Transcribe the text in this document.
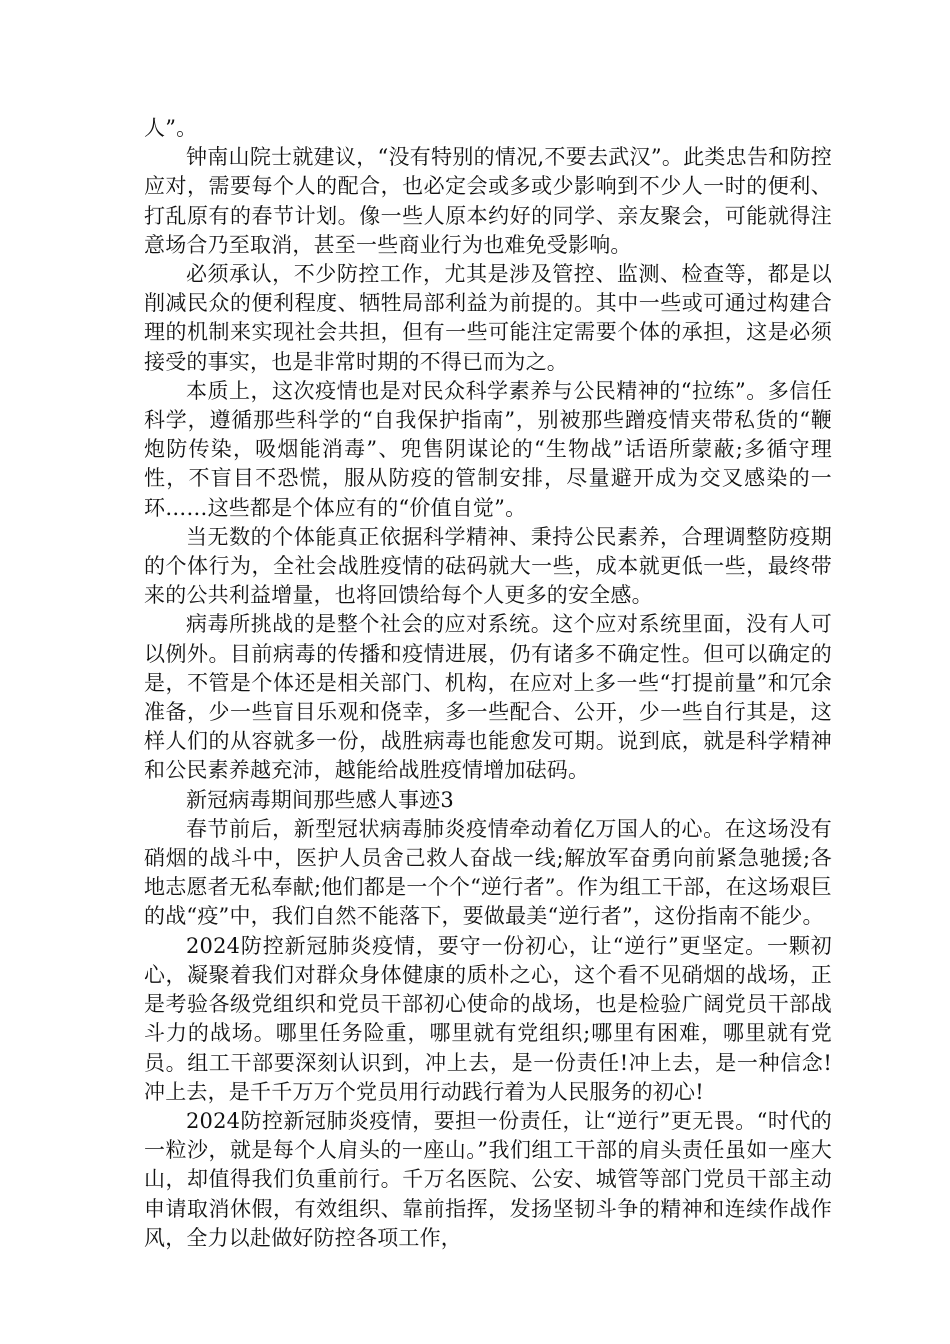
人”。

钟南山院士就建议，“没有特别的情况,不要去武汉”。此类忠告和防控应对，需要每个人的配合，也必定会或多或少影响到不少人一时的便利、打乱原有的春节计划。像一些人原本约好的同学、亲友聚会，可能就得注意场合乃至取消，甚至一些商业行为也难免受影响。

必须承认，不少防控工作，尤其是涉及管控、监测、检查等，都是以削减民众的便利程度、牺牲局部利益为前提的。其中一些或可通过构建合理的机制来实现社会共担，但有一些可能注定需要个体的承担，这是必须接受的事实，也是非常时期的不得已而为之。

本质上，这次疫情也是对民众科学素养与公民精神的“拉练”。多信任科学，遵循那些科学的“自我保护指南”，别被那些蹭疫情夹带私货的“鞭炮防传染，吸烟能消毒”、兜售阴谋论的“生物战”话语所蒙蔽;多循守理性，不盲目不恐慌，服从防疫的管制安排，尽量避开成为交叉感染的一环……这些都是个体应有的“价值自觉”。

当无数的个体能真正依据科学精神、秉持公民素养，合理调整防疫期的个体行为，全社会战胜疫情的砝码就大一些，成本就更低一些，最终带来的公共利益增量，也将回馈给每个人更多的安全感。

病毒所挑战的是整个社会的应对系统。这个应对系统里面，没有人可以例外。目前病毒的传播和疫情进展，仍有诸多不确定性。但可以确定的是，不管是个体还是相关部门、机构，在应对上多一些“打提前量”和冗余准备，少一些盲目乐观和侥幸，多一些配合、公开，少一些自行其是，这样人们的从容就多一份，战胜病毒也能愈发可期。说到底，就是科学精神和公民素养越充沛，越能给战胜疫情增加砝码。

新冠病毒期间那些感人事迹3

春节前后，新型冠状病毒肺炎疫情牵动着亿万国人的心。在这场没有硝烟的战斗中，医护人员舍己救人奋战一线;解放军奋勇向前紧急驰援;各地志愿者无私奉献;他们都是一个个“逆行者”。作为组工干部，在这场艰巨的战“疫”中，我们自然不能落下，要做最美“逆行者”，这份指南不能少。

2024防控新冠肺炎疫情，要守一份初心，让“逆行”更坚定。一颗初心，凝聚着我们对群众身体健康的质朴之心，这个看不见硝烟的战场，正是考验各级党组织和党员干部初心使命的战场，也是检验广阔党员干部战斗力的战场。哪里任务险重，哪里就有党组织;哪里有困难，哪里就有党员。组工干部要深刻认识到，冲上去，是一份责任!冲上去，是一种信念!冲上去，是千千万万个党员用行动践行着为人民服务的初心!

2024防控新冠肺炎疫情，要担一份责任，让“逆行”更无畏。“时代的一粒沙，就是每个人肩头的一座山。”我们组工干部的肩头责任虽如一座大山，却值得我们负重前行。千万名医院、公安、城管等部门党员干部主动申请取消休假，有效组织、靠前指挥，发扬坚韧斗争的精神和连续作战作风，全力以赴做好防控各项工作，
